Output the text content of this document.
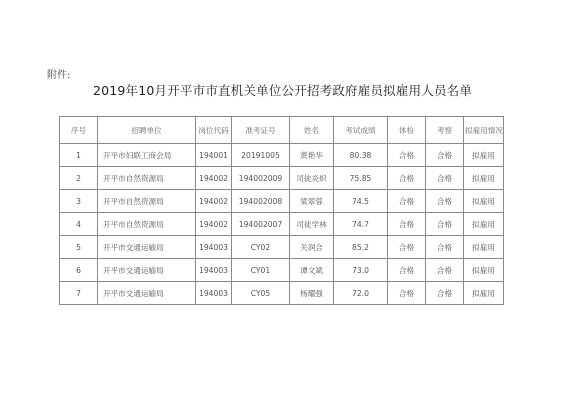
附件:
2019年10月开平市市直机关单位公开招考政府雇员拟雇用人员名单
序号	招聘单位	岗位代码	准考证号	姓名	考试成绩	体检	考察	拟雇用情况
1	开平市妇联工商会局	194001	20191005	黄艳华	80.38	合格	合格	拟雇用
2	开平市自然资源局	194002	194002009	司徒炎炽	75.85	合格	合格	拟雇用
3	开平市自然资源局	194002	194002008	梁翠蓉	74.5	合格	合格	拟雇用
4	开平市自然资源局	194002	194002007	司徒学林	74.7	合格	合格	拟雇用
5	开平市交通运输局	194003	CY02	关润合	85.2	合格	合格	拟雇用
6	开平市交通运输局	194003	CY01	谭文斌	73.0	合格	合格	拟雇用
7	开平市交通运输局	194003	CY05	杨耀强	72.0	合格	合格	拟雇用
